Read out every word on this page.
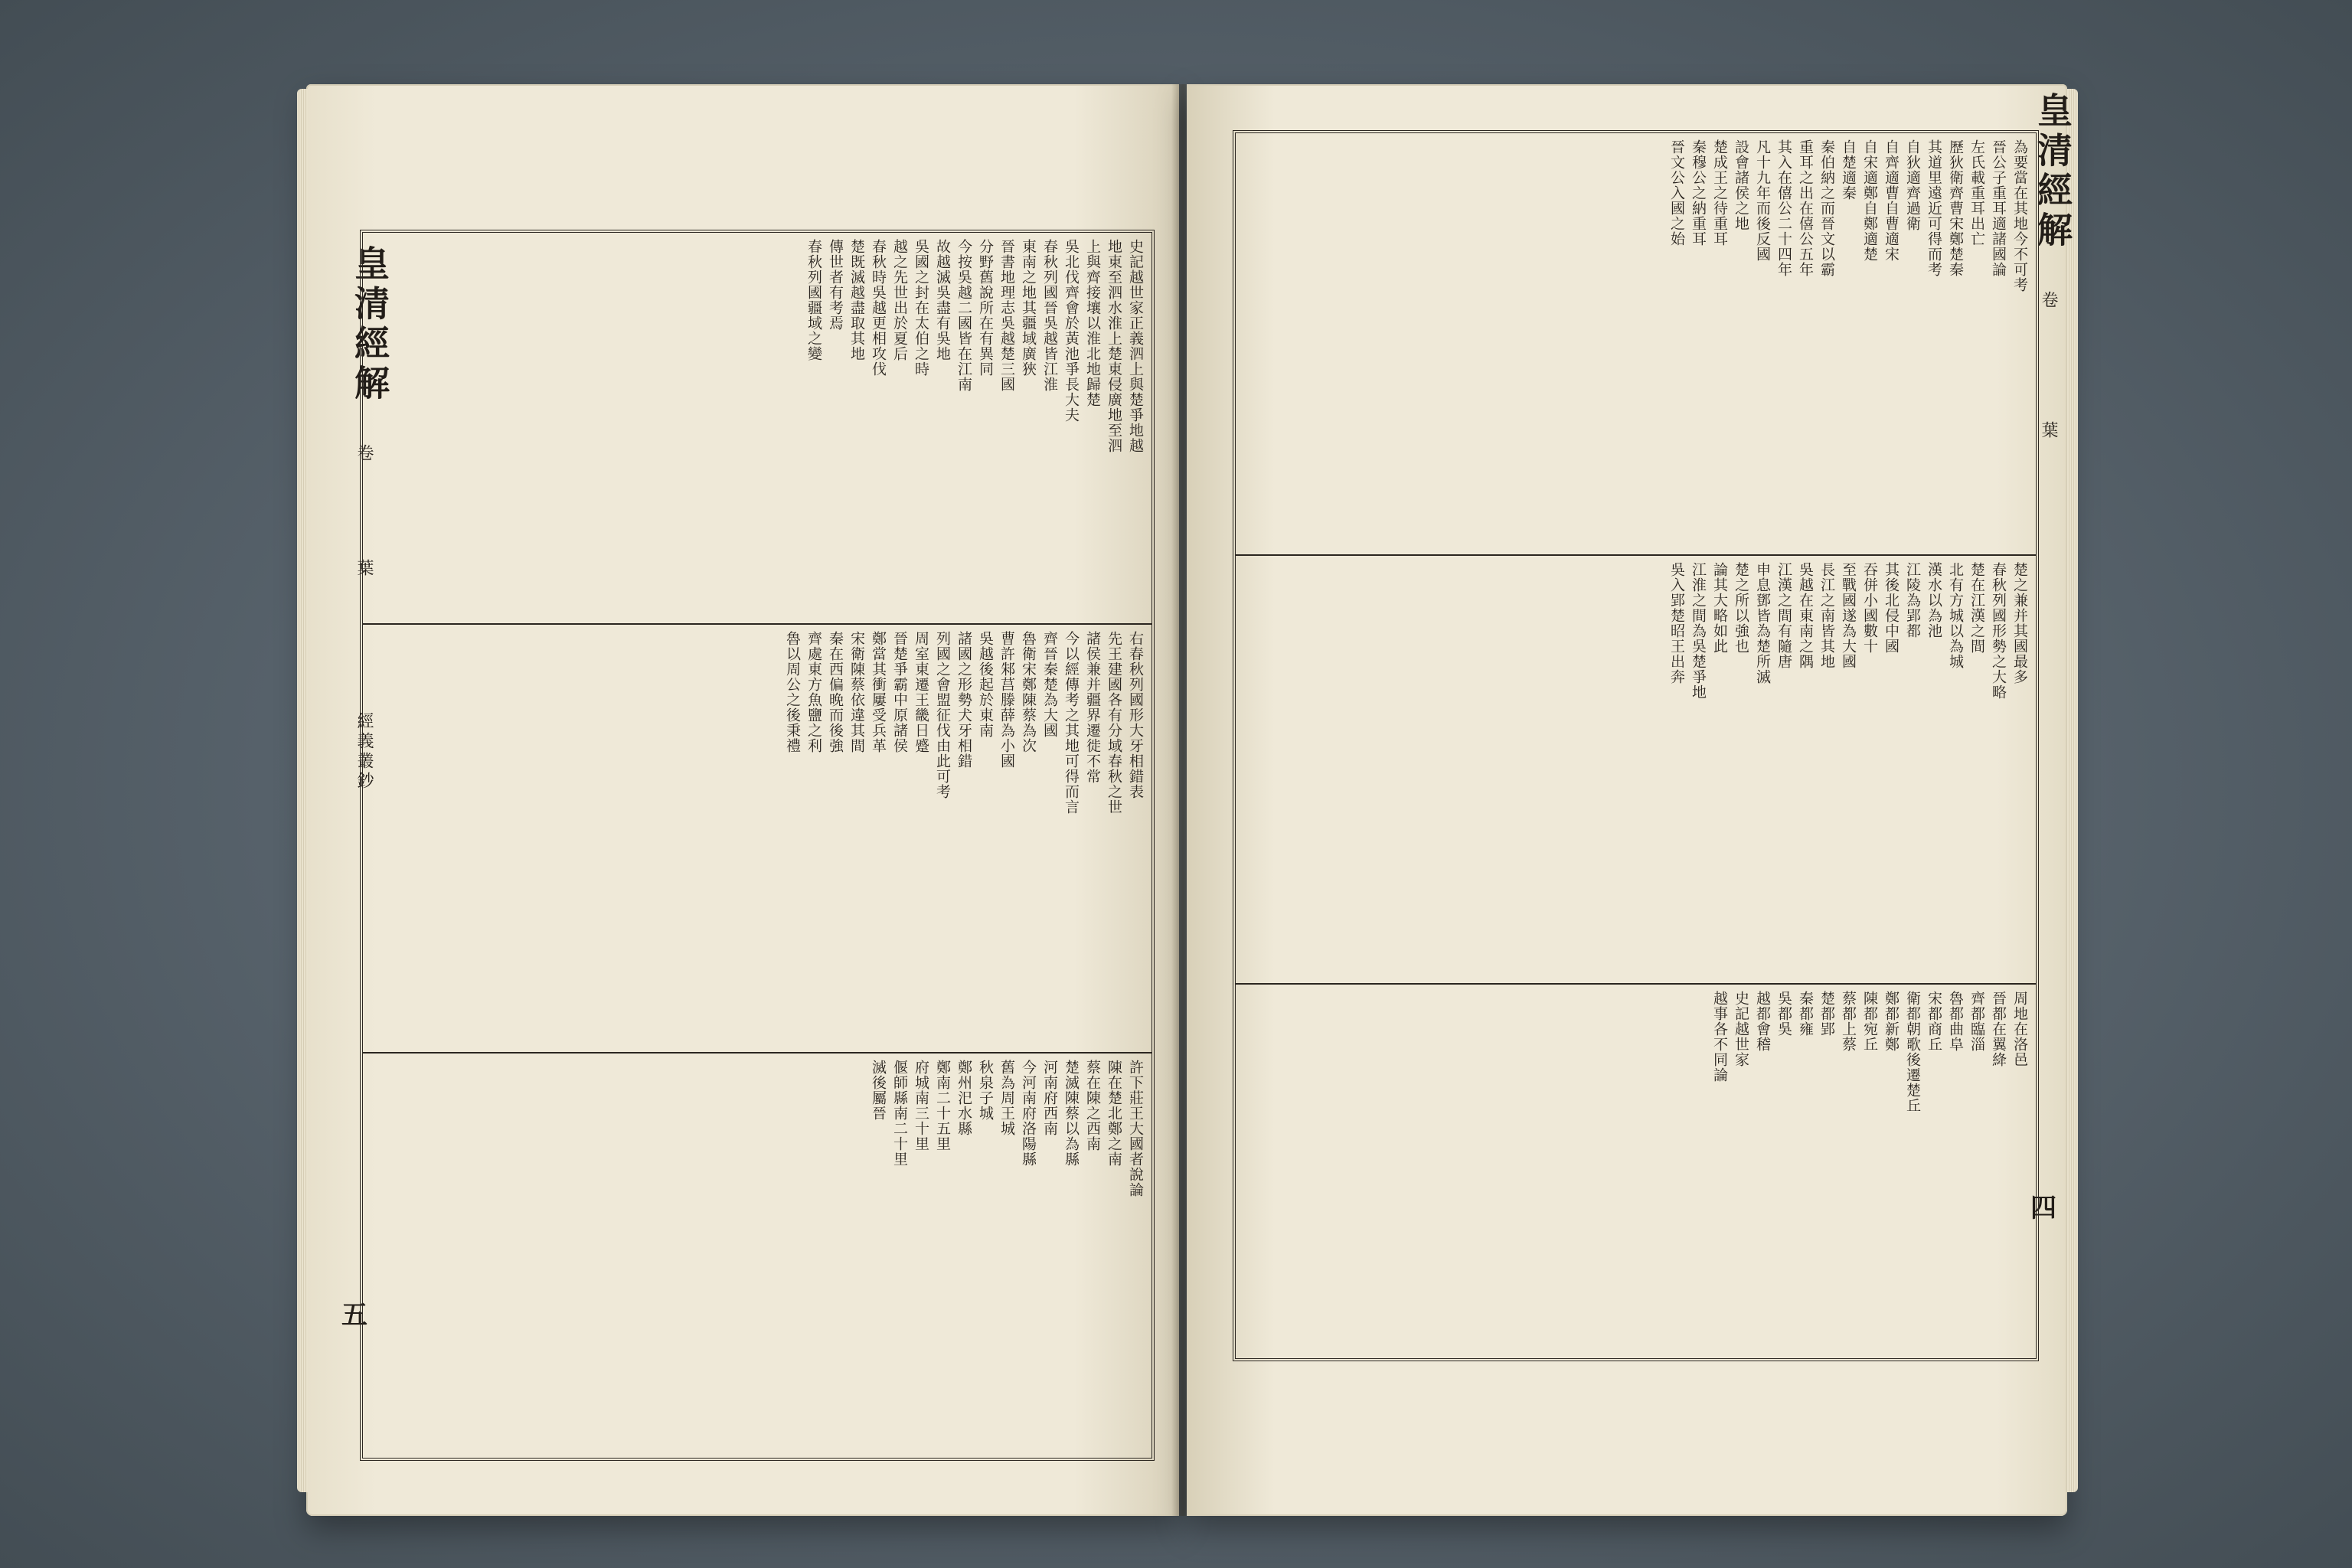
皇清經解
卷
葉
經義叢鈔
五
史記越世家正義泗上與楚爭地越
地東至泗水淮上楚東侵廣地至泗
上與齊接壤以淮北地歸楚
吳北伐齊會於黃池爭長大夫
春秋列國晉吳越皆江淮
東南之地其疆域廣狹
晉書地理志吳越楚三國
分野舊說所在有異同
今按吳越二國皆在江南
故越滅吳盡有吳地
吳國之封在太伯之時
越之先世出於夏后
春秋時吳越更相攻伐
楚既滅越盡取其地
傳世者有考焉
春秋列國疆域之變
右春秋列國形大牙相錯表
先王建國各有分域春秋之世
諸侯兼并疆界遷徙不常
今以經傳考之其地可得而言
齊晉秦楚為大國
魯衛宋鄭陳蔡為次
曹許邾莒滕薛為小國
吳越後起於東南
諸國之形勢犬牙相錯
列國之會盟征伐由此可考
周室東遷王畿日蹙
晉楚爭霸中原諸侯
鄭當其衝屢受兵革
宋衛陳蔡依違其間
秦在西偏晚而後強
齊處東方魚鹽之利
魯以周公之後秉禮
許下莊王大國者說論
陳在楚北鄭之南
蔡在陳之西南
楚滅陳蔡以為縣
河南府西南
今河南府洛陽縣
舊為周王城
秋泉子城
鄭州汜水縣
鄭南二十五里
府城南三十里
偃師縣南二十里
滅後屬晉
皇清經解
卷
葉
四
為要當在其地今不可考
晉公子重耳適諸國論
左氏載重耳出亡
歷狄衛齊曹宋鄭楚秦
其道里遠近可得而考
自狄適齊過衛
自齊適曹自曹適宋
自宋適鄭自鄭適楚
自楚適秦
秦伯納之而晉文以霸
重耳之出在僖公五年
其入在僖公二十四年
凡十九年而後反國
設會諸侯之地
楚成王之待重耳
秦穆公之納重耳
晉文公入國之始
楚之兼并其國最多
春秋列國形勢之大略
楚在江漢之間
北有方城以為城
漢水以為池
江陵為郢都
其後北侵中國
吞併小國數十
至戰國遂為大國
長江之南皆其地
吳越在東南之隅
江漢之間有隨唐
申息鄧皆為楚所滅
楚之所以強也
論其大略如此
江淮之間為吳楚爭地
吳入郢楚昭王出奔
周地在洛邑
晉都在翼絳
齊都臨淄
魯都曲阜
宋都商丘
衛都朝歌後遷楚丘
鄭都新鄭
陳都宛丘
蔡都上蔡
楚都郢
秦都雍
吳都吳
越都會稽
史記越世家
越事各不同論
